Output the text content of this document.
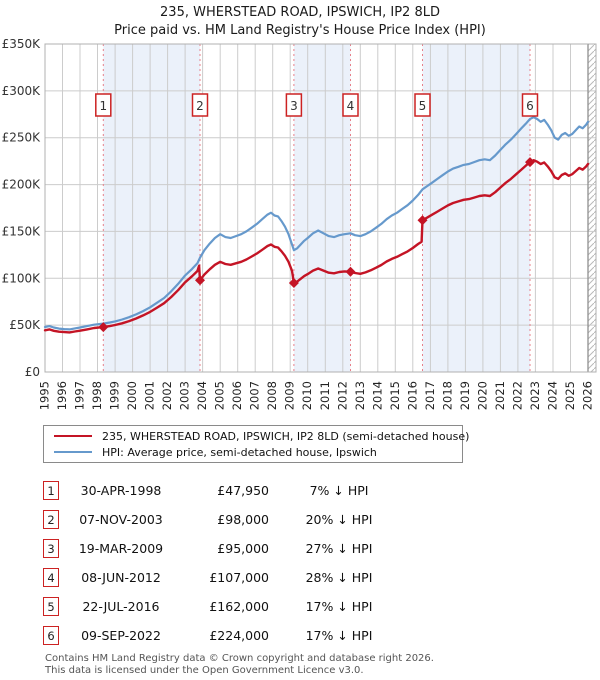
235, WHERSTEAD ROAD, IPSWICH, IP2 8LD
Price paid vs. HM Land Registry's House Price Index (HPI)
£0
£50K
£100K
£150K
£200K
£250K
£300K
£350K
1995 1996 1997 1998 1999 2000 2001 2002 2003 2004 2005 2006 2007 2008 2009 2010 2011 2012 2013 2014 2015 2016 2017 2018 2019 2020 2021 2022 2023 2024 2025 2026
1	2	3	4	5	6
235, WHERSTEAD ROAD, IPSWICH, IP2 8LD (semi-detached house)
HPI: Average price, semi-detached house, Ipswich
1	30-APR-1998	£47,950	7% ↓ HPI
2	07-NOV-2003	£98,000	20% ↓ HPI
3	19-MAR-2009	£95,000	27% ↓ HPI
4	08-JUN-2012	£107,000	28% ↓ HPI
5	22-JUL-2016	£162,000	17% ↓ HPI
6	09-SEP-2022	£224,000	17% ↓ HPI
Contains HM Land Registry data © Crown copyright and database right 2026.
This data is licensed under the Open Government Licence v3.0.
